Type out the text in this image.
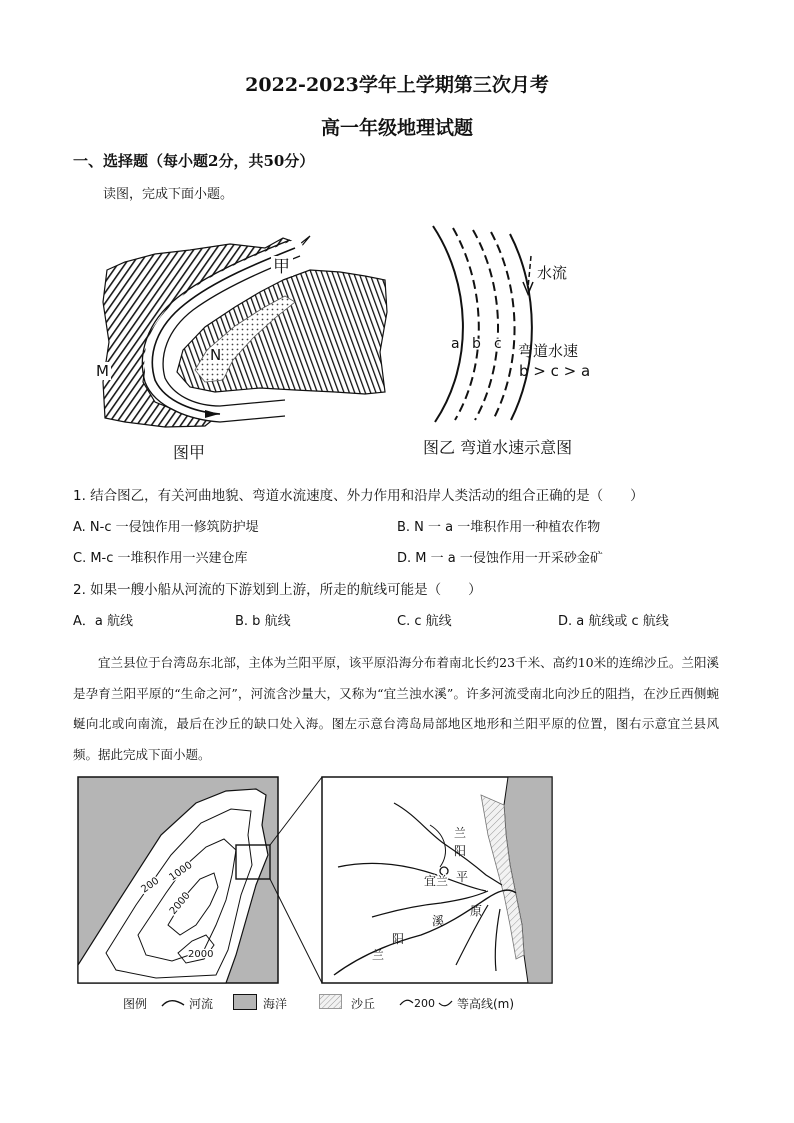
2022-2023学年上学期第三次月考
高一年级地理试题
一、选择题（每小题2分，共50分）
读图，完成下面小题。
甲
M
N
图甲
水流
a b c 弯道水速
b > c > a
图乙 弯道水速示意图
1. 结合图乙，有关河曲地貌、弯道水流速度、外力作用和沿岸人类活动的组合正确的是（　　）
A. N-c 一侵蚀作用一修筑防护堤	B. N 一 a 一堆积作用一种植农作物
C. M-c 一堆积作用一兴建仓库	D. M 一 a 一侵蚀作用一开采砂金矿
2. 如果一艘小船从河流的下游划到上游，所走的航线可能是（　　）
A．a 航线	B. b 航线	C. c 航线	D. a 航线或 c 航线
宜兰县位于台湾岛东北部，主体为兰阳平原，该平原沿海分布着南北长约23千米、高约10米的连绵沙丘。兰阳溪是孕育兰阳平原的“生命之河”，河流含沙量大，又称为“宜兰浊水溪”。许多河流受南北向沙丘的阻挡，在沙丘西侧蜿蜒向北或向南流，最后在沙丘的缺口处入海。图左示意台湾岛局部地区地形和兰阳平原的位置，图右示意宜兰县风频。据此完成下面小题。
200
1000
2000
2000
宜兰
兰
阳
平
原
兰
阳
溪
图例	河流	海洋	沙丘	200 等高线(m)
